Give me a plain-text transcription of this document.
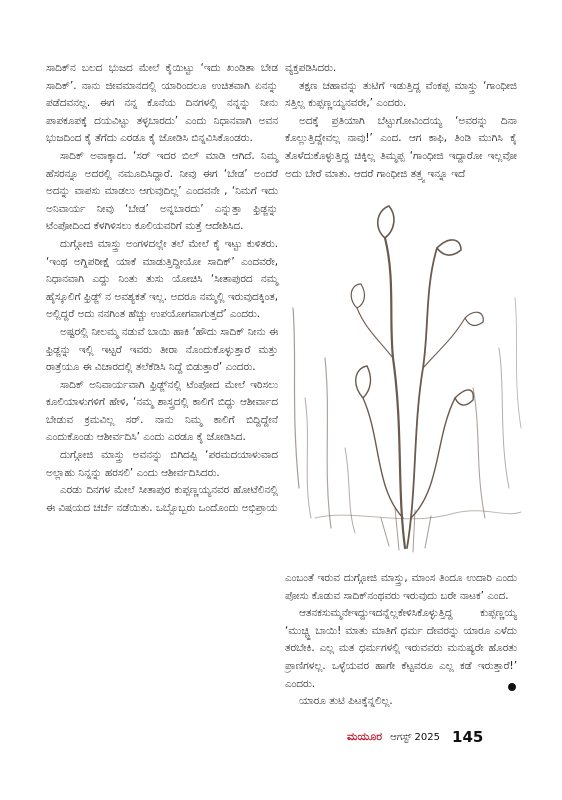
ಸಾದಿಕ್‌ನ ಬಲದ ಭುಜದ ಮೇಲೆ ಕೈಯಿಟ್ಟು ‘ಇದು ಖಂಡಿತಾ ಬೇಡ ಸಾದಿಕ್’. ನಾನು ಜೀವಮಾನದಲ್ಲಿ ಯಾರಿಂದಲೂ ಉಚಿತವಾಗಿ ಏನನ್ನು ಪಡೆದವನಲ್ಲ. ಈಗ ನನ್ನ ಕೊನೆಯ ದಿನಗಳಲ್ಲಿ ನನ್ನನ್ನು ನೀನು ಪಾಪಕೂಪಕ್ಕೆ ದಯವಿಟ್ಟು ತಳ್ಳಬಾರದು’ ಎಂದು ನಿಧಾನವಾಗಿ ಅವನ ಭುಜದಿಂದ ಕೈ ತೆಗೆದು ಎರಡೂ ಕೈ ಜೋಡಿಸಿ ಬಿನ್ನವಿಸಿಕೊಂಡರು.

ಸಾದಿಕ್ ಅವಾಕ್ಕಾದ. ‘ಸರ್ ಇದರ ಬಿಲ್ ಮಾಡಿ ಆಗಿದೆ. ನಿಮ್ಮ ಹೆಸರನ್ನೂ ಅದರಲ್ಲಿ ನಮೂದಿಸಿದ್ದಾರೆ. ನೀವು ಈಗ ‘ಬೇಡ’ ಅಂದರೆ ಅದನ್ನು ವಾಪಸು ಮಾಡಲು ಆಗುವುದಿಲ್ಲ’ ಎಂದವನೇ , ‘ನಿಮಗೆ ಇದು ಅನಿವಾರ್ಯ ನೀವು ‘ಬೇಡ’ ಅನ್ನಬಾರದು’ ಎನ್ನುತ್ತಾ ಫ್ರಿಡ್ಜನ್ನು ಟೆಂಪೋದಿಂದ ಕೆಳಗಿಳಿಸಲು ಕೂಲಿಯವರಿಗೆ ಮತ್ತೆ ಆದೇಶಿಸಿದ.

ದುಗ್ಗೋಜಿ ಮಾಸ್ತ್ರು ಅಂಗಳದಲ್ಲೇ ತಲೆ ಮೇಲೆ ಕೈ ಇಟ್ಟು ಕುಳಿತರು. ‘ಇಂಥ ಅಗ್ನಿಪರೀಕ್ಷೆ ಯಾಕೆ ಮಾಡುತ್ತಿದ್ದೀಯೋ ಸಾದಿಕ್’ ಎಂದವರೇ, ನಿಧಾನವಾಗಿ ಎದ್ದು ನಿಂತು ತುಸು ಯೋಚಿಸಿ ‘ಸೀತಾಪುರದ ನಮ್ಮ ಹೈಸ್ಕೂಲಿಗೆ ಫ್ರಿಡ್ಜ್ ನ ಅವಶ್ಯಕತೆ ಇಲ್ಲ. ಅದರೂ ನಮ್ಮಲ್ಲಿ ಇರುವುದಕ್ಕಿಂತ, ಅಲ್ಲಿದ್ದರೆ ಅದು ನನಗಿಂತ ಹೆಚ್ಚು ಉಪಯೋಗವಾಗುತ್ತದೆ’ ಎಂದರು.

ಅಷ್ಟರಲ್ಲಿ ನೀಲಮ್ಮ ನಡುವೆ ಬಾಯಿ ಹಾಕಿ ‘ಹೌದು ಸಾದಿಕ್ ನೀನು ಈ ಫ್ರಿಡ್ಜನ್ನು ಇಲ್ಲಿ ಇಟ್ಟರೆ ಇವರು ತೀರಾ ನೊಂದುಕೊಳ್ಳುತ್ತಾರೆ ಮತ್ತು ರಾತ್ರೆಯೂ ಈ ವಿಚಾರದಲ್ಲಿ ತಲೆಕೆಡಿಸಿ ನಿದ್ದೆ ಬಿಡುತ್ತಾರೆ’ ಎಂದರು.

ಸಾದಿಕ್ ಅನಿವಾರ್ಯವಾಗಿ ಫ್ರಿಡ್ಜ್‌ನಲ್ಲಿ ಟೆಂಪೋದ ಮೇಲೆ ಇರಿಸಲು ಕೂಲಿಯಾಳುಗಳಿಗೆ ಹೇಳಿ, ‘ನಮ್ಮ ಶಾಸ್ತ್ರದಲ್ಲಿ ಕಾಲಿಗೆ ಬಿದ್ದು ಆಶೀರ್ವಾದ ಬೇಡುವ ಕ್ರಮವಿಲ್ಲ ಸರ್. ನಾನು ನಿಮ್ಮ ಕಾಲಿಗೆ ಬಿದ್ದಿದ್ದೇನೆ ಎಂದುಕೊಂಡು ಆಶೀರ್ವದಿಸಿ’ ಎಂದು ಎರಡೂ ಕೈ ಜೋಡಿಸಿದ.

ದುಗ್ಗೋಜಿ ಮಾಸ್ತ್ರು ಅವನನ್ನು ಬಿಗಿದಪ್ಪಿ ‘ಪರಮದಯಾಳುವಾದ ಅಲ್ಲಾಹು ನಿನ್ನನ್ನು ಹರಸಲಿ’ ಎಂದು ಆಶೀರ್ವದಿಸಿದರು.

ಎರಡು ದಿನಗಳ ಮೇಲೆ ಸೀತಾಪುರ ಕುಪ್ಪಣ್ಣಯ್ಯನವರ ಹೋಟೆಲಿನಲ್ಲಿ ಈ ವಿಷಯದ ಚರ್ಚೆ ನಡೆಯಿತು. ಒಬ್ಬೊಬ್ಬರು ಒಂದೊಂದು ಅಭಿಪ್ರಾಯ

ವ್ಯಕ್ತಪಡಿಸಿದರು.

ತಕ್ಷಣ ಚಹಾವನ್ನು ತುಟಿಗೆ ಇಡುತ್ತಿದ್ದ ವೆಂಕಪ್ಪ ಮಾಸ್ತ್ರು ‘ಗಾಂಧೀಜಿ ಸತ್ತಿಲ್ಲ ಕುಪ್ಪಣ್ಣಯ್ಯನವರೇ,’ ಎಂದರು.

ಅದಕ್ಕೆ ಪ್ರತಿಯಾಗಿ ಬೆಟ್ಟುಗೋವಿಂದಯ್ಯ ‘ಅವರನ್ನು ದಿನಾ ಕೊಲ್ಲುತ್ತಿದ್ದೇವಲ್ಲ ನಾವು!’ ಎಂದ. ಆಗ ಕಾಫಿ, ತಿಂಡಿ ಮುಗಿಸಿ ಕೈ ತೊಳೆದುಕೊಳ್ಳುತ್ತಿದ್ದ ಚಿಕ್ಕಿಲ್ಲ ತಿಮ್ಮಪ್ಪ ‘ಗಾಂಧೀಜಿ ಇದ್ದಾರೋ ಇಲ್ಲವೋ ಅದು ಬೇರೆ ಮಾತು. ಆದರೆ ಗಾಂಧೀಜಿ ತತ್ತ್ವ ಇನ್ನೂ ಇದೆ

ಎಂಬಂತೆ ಇರುವ ದುಗ್ಗೋಜಿ ಮಾಸ್ತ್ರು, ಮಾಂಸ ತಿಂದೂ ಉದಾರಿ ಎಂದು ಪೋಸು ಕೊಡುವ ಸಾದಿಕ್‌ನಂಥವರು ಇರುವುದು ಬರೇ ನಾಟಕ’ ಎಂದ.

ಆತನಕಸುಮ್ಮನೇಇದ್ದುಇದನ್ನೆಲ್ಲಕೇಳಿಸಿಕೊಳ್ಳುತ್ತಿದ್ದ ಕುಪ್ಪಣ್ಣಯ್ಯ ‘ಮುಚ್ಚ್ಹಿ ಬಾಯಿ! ಮಾತು ಮಾತಿಗೆ ಧರ್ಮ ದೇವರನ್ನು ಯಾರೂ ಎಳೆದು ತರಬೇಕಿ. ಎಲ್ಲ ಮತ ಧರ್ಮಗಳಲ್ಲಿ ಇರುವವರು ಮನುಷ್ಯರೇ ಹೊರತು ಪ್ರಾಣಿಗಳಲ್ಲ. ಒಳ್ಳೆಯವರ ಹಾಗೇ ಕೆಟ್ಟವರೂ ಎಲ್ಲ ಕಡೆ ಇರುತ್ತಾರೆ!’ ಎಂದರು.

ಯಾರೂ ತುಟಿ ಪಿಟಕ್ಕೆನ್ನಲಿಲ್ಲ.

ಮಯೂರ ಆಗಸ್ಟ್ 2025 145
